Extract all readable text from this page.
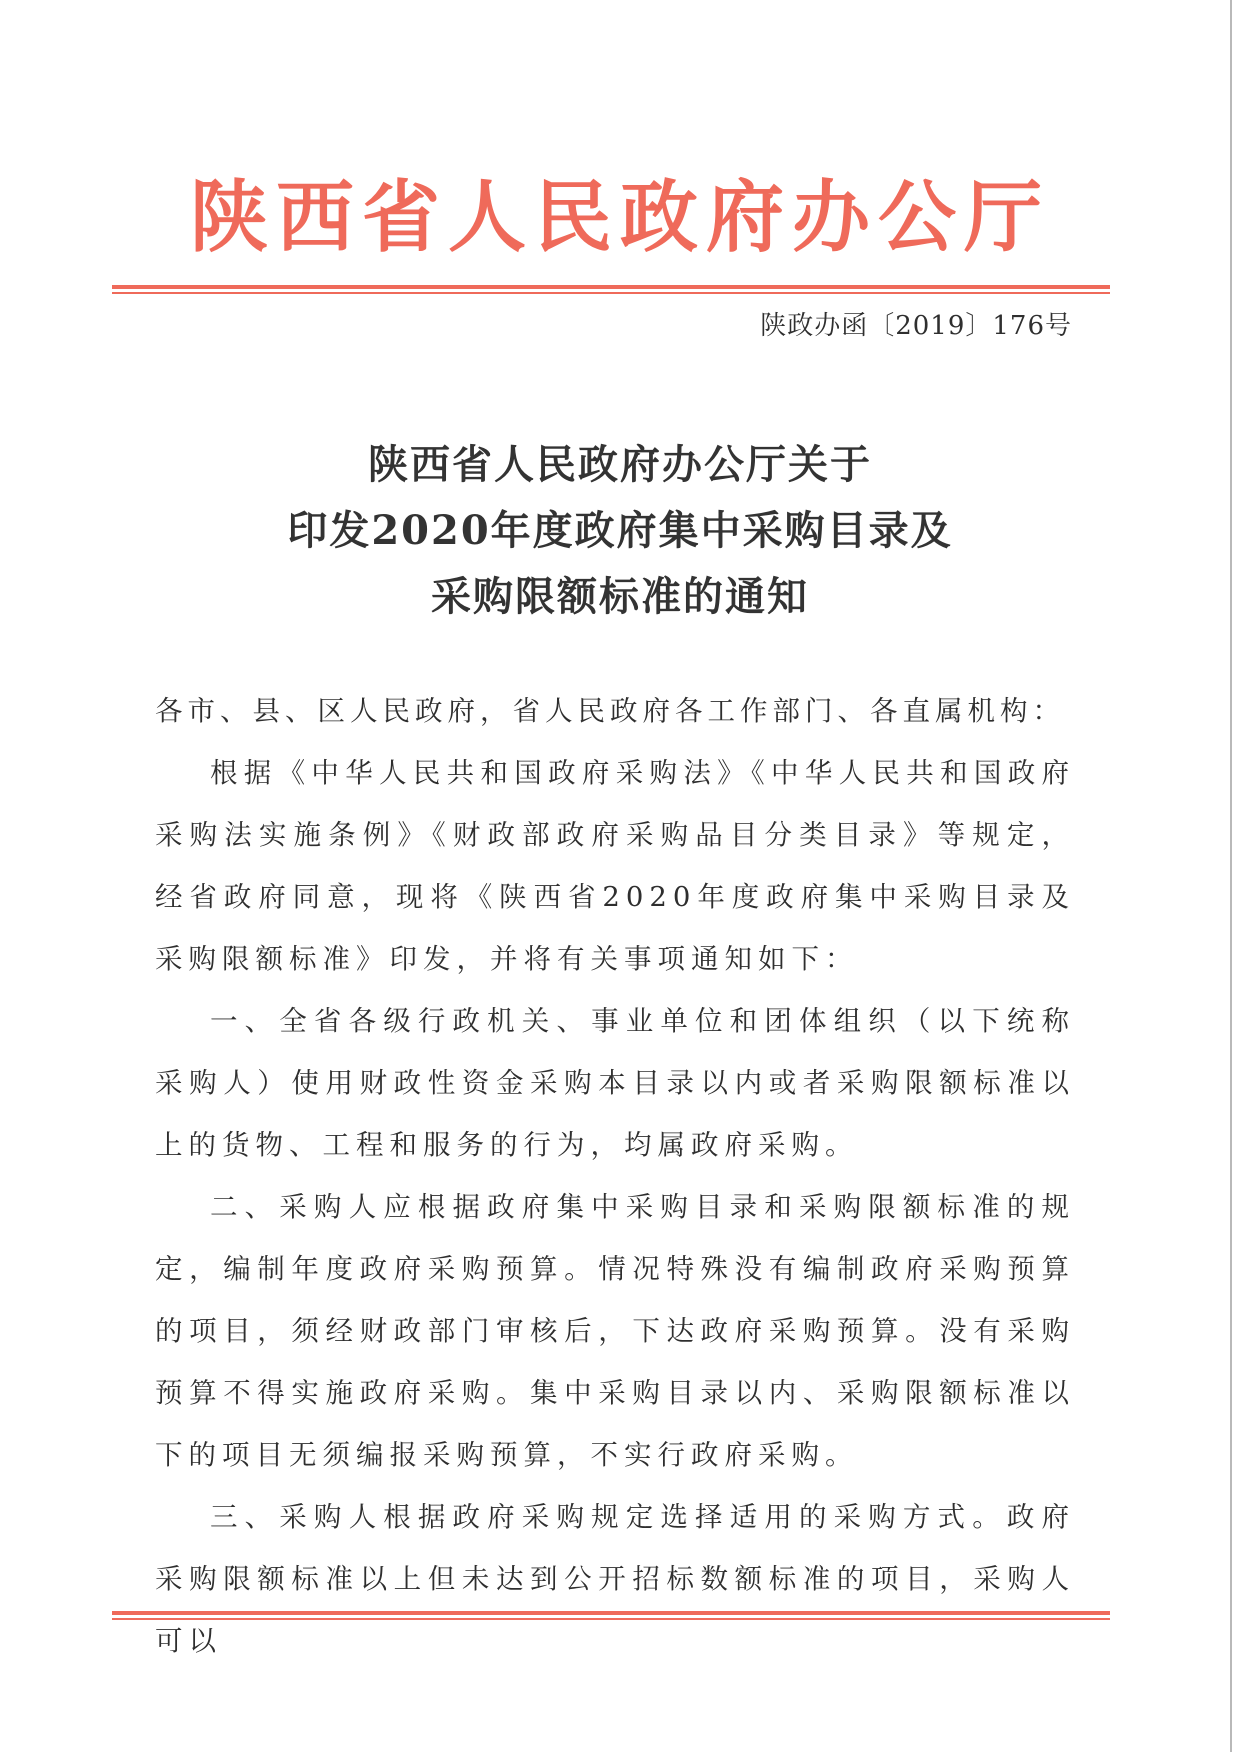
陕西省人民政府办公厅
陕政办函〔2019〕176号
陕西省人民政府办公厅关于
印发2020年度政府集中采购目录及
采购限额标准的通知

各市、县、区人民政府，省人民政府各工作部门、各直属机构：

根据《中华人民共和国政府采购法》《中华人民共和国政府采购法实施条例》《财政部政府采购品目分类目录》等规定，经省政府同意，现将《陕西省2020年度政府集中采购目录及采购限额标准》印发，并将有关事项通知如下：

一、全省各级行政机关、事业单位和团体组织（以下统称采购人）使用财政性资金采购本目录以内或者采购限额标准以上的货物、工程和服务的行为，均属政府采购。

二、采购人应根据政府集中采购目录和采购限额标准的规定，编制年度政府采购预算。情况特殊没有编制政府采购预算的项目，须经财政部门审核后，下达政府采购预算。没有采购预算不得实施政府采购。集中采购目录以内、采购限额标准以下的项目无须编报采购预算，不实行政府采购。

三、采购人根据政府采购规定选择适用的采购方式。政府采购限额标准以上但未达到公开招标数额标准的项目，采购人可以
